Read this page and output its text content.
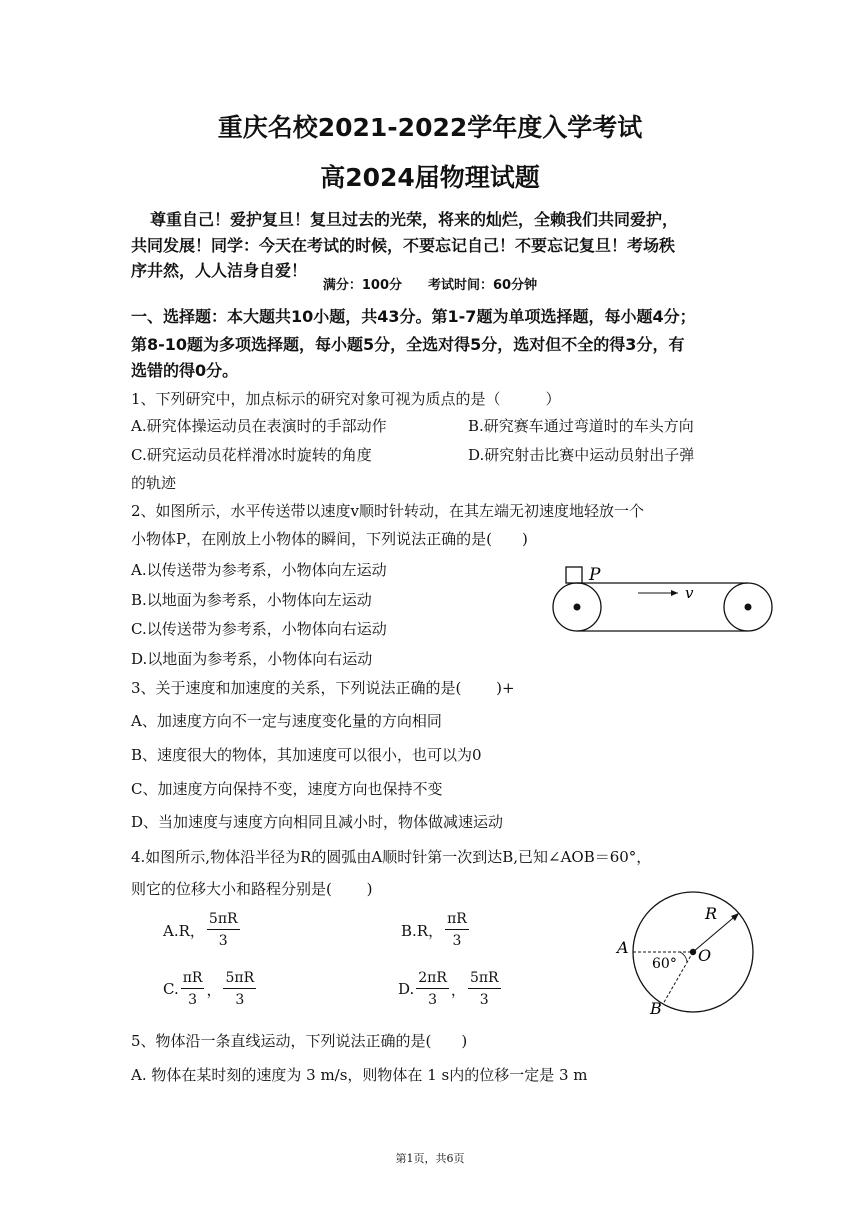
重庆名校2021-2022学年度入学考试
高2024届物理试题
尊重自己！爱护复旦！复旦过去的光荣，将来的灿烂，全赖我们共同爱护，
共同发展！同学：今天在考试的时候，不要忘记自己！不要忘记复旦！考场秩
序井然，人人洁身自爱！
满分：100分　　考试时间：60分钟
一、选择题：本大题共10小题，共43分。第1-7题为单项选择题，每小题4分；
第8-10题为多项选择题，每小题5分，全选对得5分，选对但不全的得3分，有
选错的得0分。
1、下列研究中，加点标示的研究对象可视为质点的是（　　　）
A.研究体操运动员在表演时的手部动作	B.研究赛车通过弯道时的车头方向
C.研究运动员花样滑冰时旋转的角度	D.研究射击比赛中运动员射出子弹
的轨迹
2、如图所示，水平传送带以速度v顺时针转动，在其左端无初速度地轻放一个
小物体P，在刚放上小物体的瞬间，下列说法正确的是(　　)
A.以传送带为参考系，小物体向左运动
B.以地面为参考系，小物体向左运动
C.以传送带为参考系，小物体向右运动
D.以地面为参考系，小物体向右运动
P
v
3、关于速度和加速度的关系，下列说法正确的是(　　 )+
A、加速度方向不一定与速度变化量的方向相同
B、速度很大的物体，其加速度可以很小，也可以为0
C、加速度方向保持不变，速度方向也保持不变
D、当加速度与速度方向相同且减小时，物体做减速运动
4.如图所示,物体沿半径为R的圆弧由A顺时针第一次到达B,已知∠AOB＝60°，
则它的位移大小和路程分别是(　　 )
A.R， $\frac{5\pi R}{3}$	B.R， $\frac{\pi R}{3}$
C. $\frac{\pi R}{3}$ ， $\frac{5\pi R}{3}$	D. $\frac{2\pi R}{3}$ ， $\frac{5\pi R}{3}$
R
A	O
B
60°
5、物体沿一条直线运动，下列说法正确的是(　　)
A. 物体在某时刻的速度为 3 m/s，则物体在 1 s内的位移一定是 3 m
第1页，共6页
